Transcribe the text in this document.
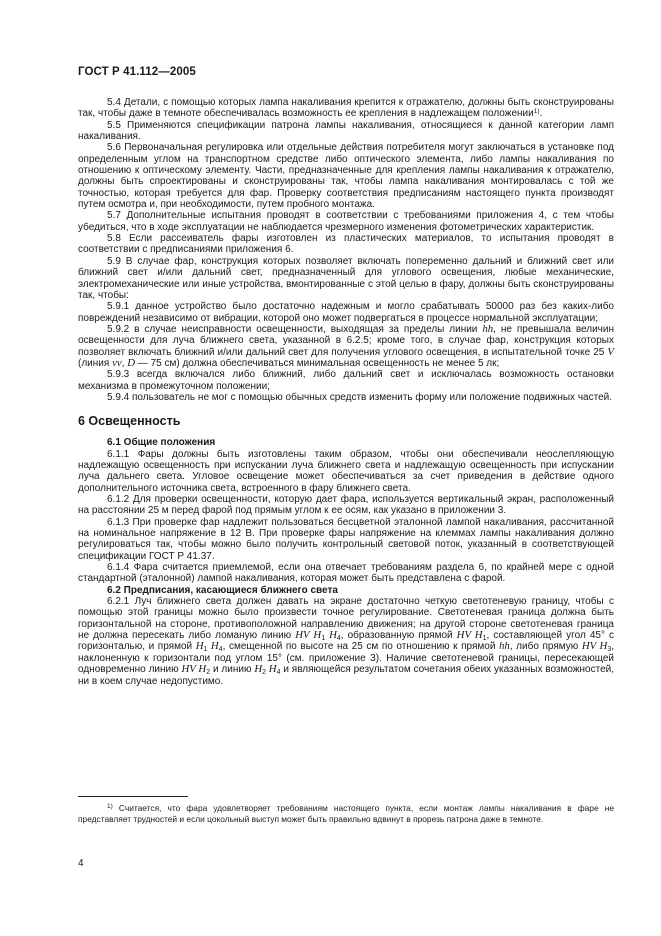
ГОСТ Р 41.112—2005

5.4 Детали, с помощью которых лампа накаливания крепится к отражателю, должны быть сконструированы так, чтобы даже в темноте обеспечивалась возможность ее крепления в надлежащем положении$^{1)}$.

5.5 Применяются спецификации патрона лампы накаливания, относящиеся к данной категории ламп накаливания.

5.6 Первоначальная регулировка или отдельные действия потребителя могут заключаться в установке под определенным углом на транспортном средстве либо оптического элемента, либо лампы накаливания по отношению к оптическому элементу. Части, предназначенные для крепления лампы накаливания к отражателю, должны быть спроектированы и сконструированы так, чтобы лампа накаливания монтировалась с той же точностью, которая требуется для фар. Проверку соответствия предписаниям настоящего пункта производят путем осмотра и, при необходимости, путем пробного монтажа.

5.7 Дополнительные испытания проводят в соответствии с требованиями приложения 4, с тем чтобы убедиться, что в ходе эксплуатации не наблюдается чрезмерного изменения фотометрических характеристик.

5.8 Если рассеиватель фары изготовлен из пластических материалов, то испытания проводят в соответствии с предписаниями приложения 6.

5.9 В случае фар, конструкция которых позволяет включать попеременно дальний и ближний свет или ближний свет и/или дальний свет, предназначенный для углового освещения, любые механические, электромеханические или иные устройства, вмонтированные с этой целью в фару, должны быть сконструированы так, чтобы:

5.9.1 данное устройство было достаточно надежным и могло срабатывать 50000 раз без каких-либо повреждений независимо от вибрации, которой оно может подвергаться в процессе нормальной эксплуатации;

5.9.2 в случае неисправности освещенности, выходящая за пределы линии hh, не превышала величин освещенности для луча ближнего света, указанной в 6.2.5; кроме того, в случае фар, конструкция которых позволяет включать ближний и/или дальний свет для получения углового освещения, в испытательной точке 25 V (линия vv, D — 75 см) должна обеспечиваться минимальная освещенность не менее 5 лк;

5.9.3 всегда включался либо ближний, либо дальний свет и исключалась возможность остановки механизма в промежуточном положении;

5.9.4 пользователь не мог с помощью обычных средств изменить форму или положение подвижных частей.

6 Освещенность

6.1 Общие положения

6.1.1 Фары должны быть изготовлены таким образом, чтобы они обеспечивали неослепляющую надлежащую освещенность при испускании луча ближнего света и надлежащую освещенность при испускании луча дальнего света. Угловое освещение может обеспечиваться за счет приведения в действие одного дополнительного источника света, встроенного в фару ближнего света.

6.1.2 Для проверки освещенности, которую дает фара, используется вертикальный экран, расположенный на расстоянии 25 м перед фарой под прямым углом к ее осям, как указано в приложении 3.

6.1.3 При проверке фар надлежит пользоваться бесцветной эталонной лампой накаливания, рассчитанной на номинальное напряжение в 12 В. При проверке фары напряжение на клеммах лампы накаливания должно регулироваться так, чтобы можно было получить контрольный световой поток, указанный в соответствующей спецификации ГОСТ Р 41.37.

6.1.4 Фара считается приемлемой, если она отвечает требованиям раздела 6, по крайней мере с одной стандартной (эталонной) лампой накаливания, которая может быть представлена с фарой.

6.2 Предписания, касающиеся ближнего света

6.2.1 Луч ближнего света должен давать на экране достаточно четкую светотеневую границу, чтобы с помощью этой границы можно было произвести точное регулирование. Светотеневая граница должна быть горизонтальной на стороне, противоположной направлению движения; на другой стороне светотеневая граница не должна пересекать либо ломаную линию HV $H_1$ $H_4$, образованную прямой HV $H_1$, составляющей угол 45° с горизонталью, и прямой $H_1$ $H_4$, смещенной по высоте на 25 см по отношению к прямой hh, либо прямую HV $H_3$, наклоненную к горизонтали под углом 15° (см. приложение 3). Наличие светотеневой границы, пересекающей одновременно линию HV $H_2$ и линию $H_2$ $H_4$ и являющейся результатом сочетания обеих указанных возможностей, ни в коем случае недопустимо.

$^{1)}$ Считается, что фара удовлетворяет требованиям настоящего пункта, если монтаж лампы накаливания в фаре не представляет трудностей и если цокольный выступ может быть правильно вдвинут в прорезь патрона даже в темноте.

4
